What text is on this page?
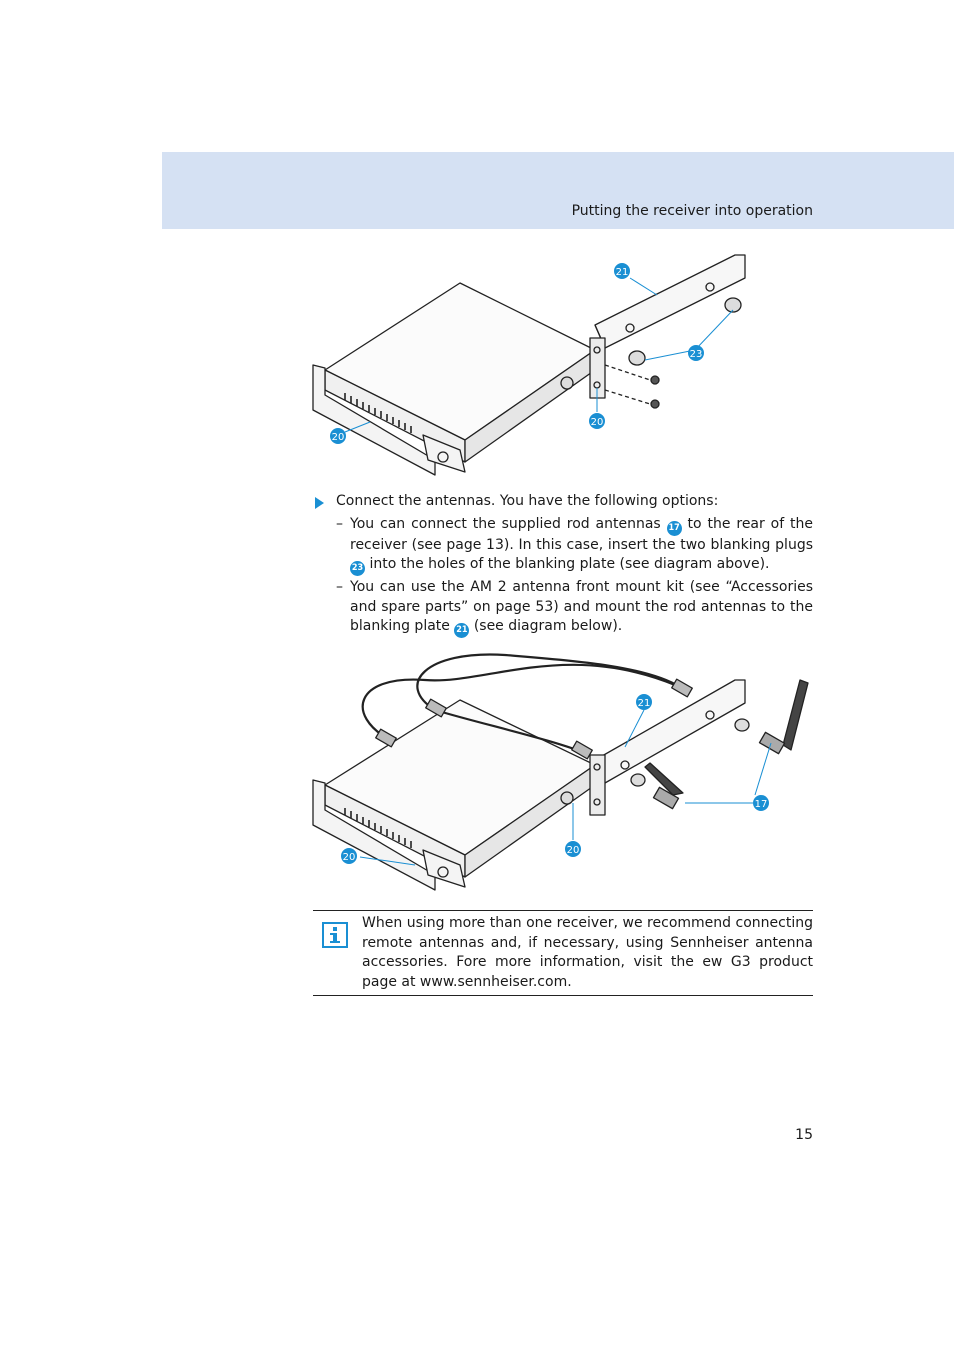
Putting the receiver into operation
21
23
20
20
Connect the antennas. You have the following options:
– You can connect the supplied rod antennas 17 to the rear of the receiver (see page 13). In this case, insert the two blanking plugs 23 into the holes of the blanking plate (see diagram above).
– You can use the AM 2 antenna front mount kit (see “Accessories and spare parts” on page 53) and mount the rod antennas to the blanking plate 21 (see diagram below).
21
17
20
20
When using more than one receiver, we recommend connecting remote antennas and, if necessary, using Sennheiser antenna accessories. Fore more information, visit the ew G3 product page at www.sennheiser.com.
15
